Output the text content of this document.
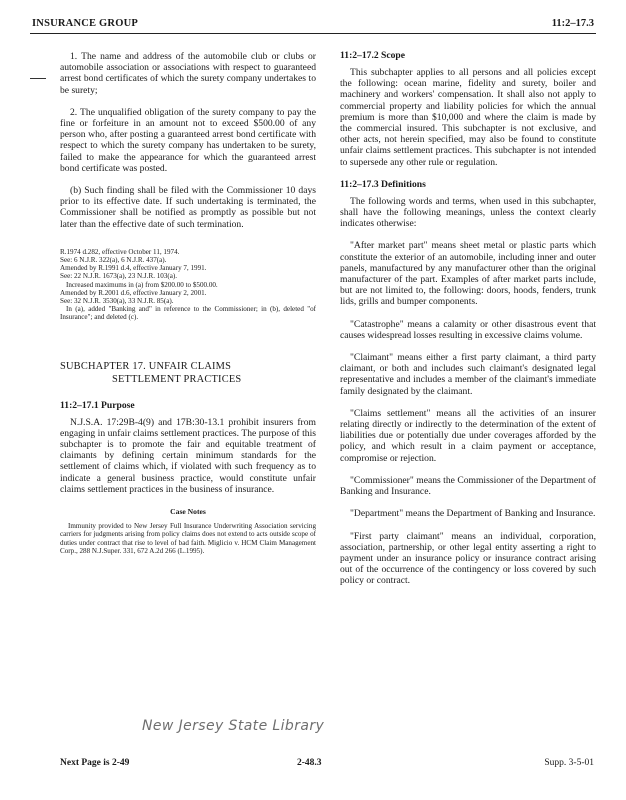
INSURANCE GROUP	11:2–17.3

1. The name and address of the automobile club or clubs or automobile association or associations with respect to guaranteed arrest bond certificates of which the surety company undertakes to be surety;

2. The unqualified obligation of the surety company to pay the fine or forfeiture in an amount not to exceed $500.00 of any person who, after posting a guaranteed arrest bond certificate with respect to which the surety company has undertaken to be surety, failed to make the appearance for which the guaranteed arrest bond certificate was posted.

(b) Such finding shall be filed with the Commissioner 10 days prior to its effective date. If such undertaking is terminated, the Commissioner shall be notified as promptly as possible but not later than the effective date of such termination.

R.1974 d.282, effective October 11, 1974.
See: 6 N.J.R. 322(a), 6 N.J.R. 437(a).
Amended by R.1991 d.4, effective January 7, 1991.
See: 22 N.J.R. 1673(a), 23 N.J.R. 103(a).
Increased maximums in (a) from $200.00 to $500.00.
Amended by R.2001 d.6, effective January 2, 2001.
See: 32 N.J.R. 3530(a), 33 N.J.R. 85(a).
In (a), added "Banking and" in reference to the Commissioner; in (b), deleted "of Insurance"; and deleted (c).
SUBCHAPTER 17. UNFAIR CLAIMS
SETTLEMENT PRACTICES
11:2–17.1 Purpose

N.J.S.A. 17:29B-4(9) and 17B:30-13.1 prohibit insurers from engaging in unfair claims settlement practices. The purpose of this subchapter is to promote the fair and equitable treatment of claimants by defining certain minimum standards for the settlement of claims which, if violated with such frequency as to indicate a general business practice, would constitute unfair claims settlement practices in the business of insurance.

Case Notes

Immunity provided to New Jersey Full Insurance Underwriting Association servicing carriers for judgments arising from policy claims does not extend to acts outside scope of duties under contract that rise to level of bad faith. Miglicio v. HCM Claim Management Corp., 288 N.J.Super. 331, 672 A.2d 266 (L.1995).

11:2–17.2 Scope

This subchapter applies to all persons and all policies except the following: ocean marine, fidelity and surety, boiler and machinery and workers' compensation. It shall also not apply to commercial property and liability policies for which the annual premium is more than $10,000 and where the claim is made by the commercial insured. This subchapter is not exclusive, and other acts, not herein specified, may also be found to constitute unfair claims settlement practices. This subchapter is not intended to supersede any other rule or regulation.

11:2–17.3 Definitions

The following words and terms, when used in this subchapter, shall have the following meanings, unless the context clearly indicates otherwise:

"After market part" means sheet metal or plastic parts which constitute the exterior of an automobile, including inner and outer panels, manufactured by any manufacturer other than the original manufacturer of the part. Examples of after market parts include, but are not limited to, the following: doors, hoods, fenders, trunk lids, grills and bumper components.

"Catastrophe" means a calamity or other disastrous event that causes widespread losses resulting in excessive claims volume.

"Claimant" means either a first party claimant, a third party claimant, or both and includes such claimant's designated legal representative and includes a member of the claimant's immediate family designated by the claimant.

"Claims settlement" means all the activities of an insurer relating directly or indirectly to the determination of the extent of liabilities due or potentially due under coverages afforded by the policy, and which result in a claim payment or acceptance, compromise or rejection.

"Commissioner" means the Commissioner of the Department of Banking and Insurance.

"Department" means the Department of Banking and Insurance.

"First party claimant" means an individual, corporation, association, partnership, or other legal entity asserting a right to payment under an insurance policy or insurance contract arising out of the occurrence of the contingency or loss covered by such policy or contract.

New Jersey State Library
Next Page is 2-49	2-48.3	Supp. 3-5-01
